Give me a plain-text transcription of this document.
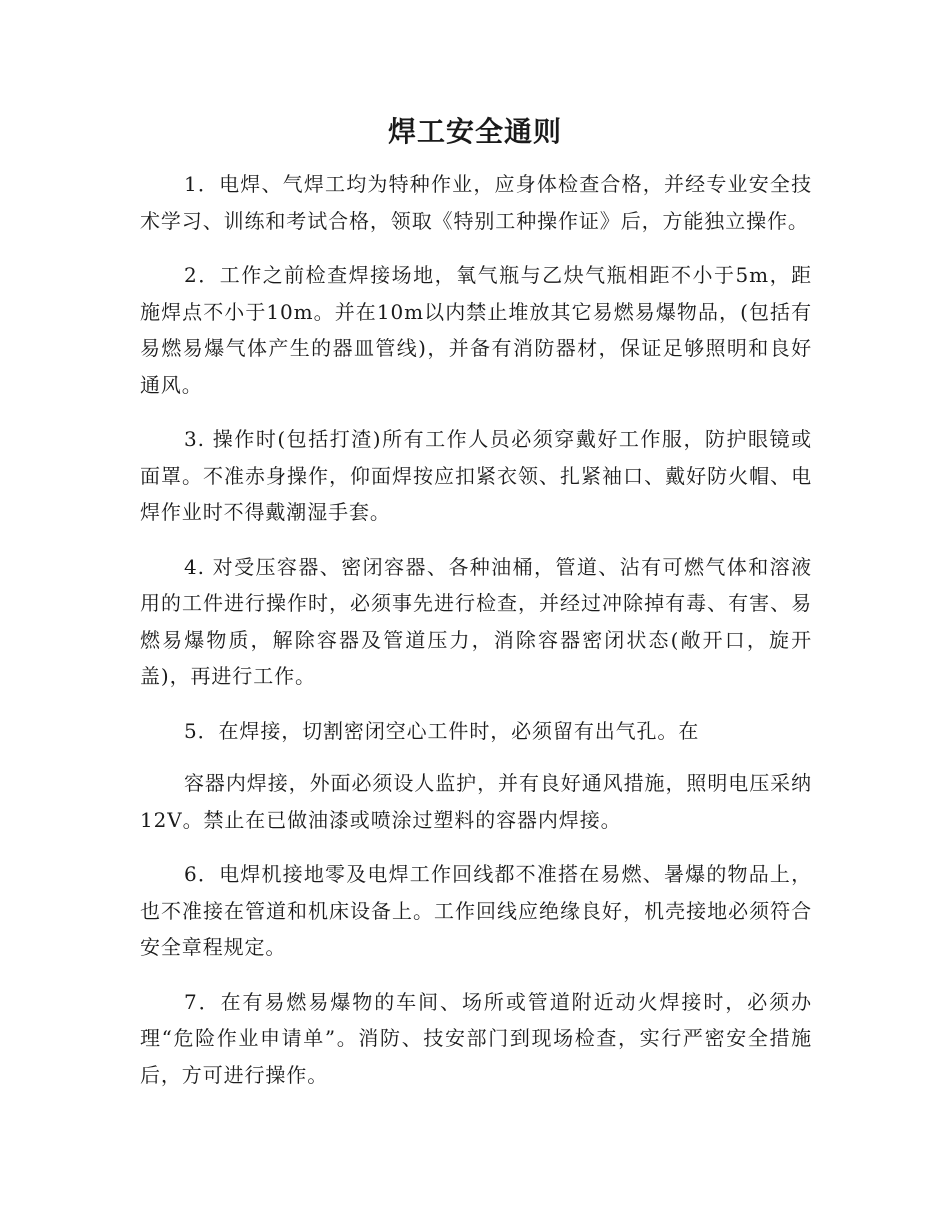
焊工安全通则

1．电焊、气焊工均为特种作业，应身体检查合格，并经专业安全技术学习、训练和考试合格，领取《特别工种操作证》后，方能独立操作。

2．工作之前检查焊接场地，氧气瓶与乙炔气瓶相距不小于5m，距施焊点不小于10m。并在10m以内禁止堆放其它易燃易爆物品，(包括有易燃易爆气体产生的器皿管线)，并备有消防器材，保证足够照明和良好通风。

3. 操作时(包括打渣)所有工作人员必须穿戴好工作服，防护眼镜或面罩。不准赤身操作，仰面焊按应扣紧衣领、扎紧袖口、戴好防火帽、电焊作业时不得戴潮湿手套。

4. 对受压容器、密闭容器、各种油桶，管道、沾有可燃气体和溶液用的工件进行操作时，必须事先进行检查，并经过冲除掉有毒、有害、易燃易爆物质，解除容器及管道压力，消除容器密闭状态(敞开口，旋开盖)，再进行工作。

5．在焊接，切割密闭空心工件时，必须留有出气孔。在

容器内焊接，外面必须设人监护，并有良好通风措施，照明电压采纳12V。禁止在已做油漆或喷涂过塑料的容器内焊接。

6．电焊机接地零及电焊工作回线都不准搭在易燃、暑爆的物品上，也不准接在管道和机床设备上。工作回线应绝缘良好，机壳接地必须符合安全章程规定。

7．在有易燃易爆物的车间、场所或管道附近动火焊接时，必须办理“危险作业申请单”。消防、技安部门到现场检查，实行严密安全措施后，方可进行操作。
